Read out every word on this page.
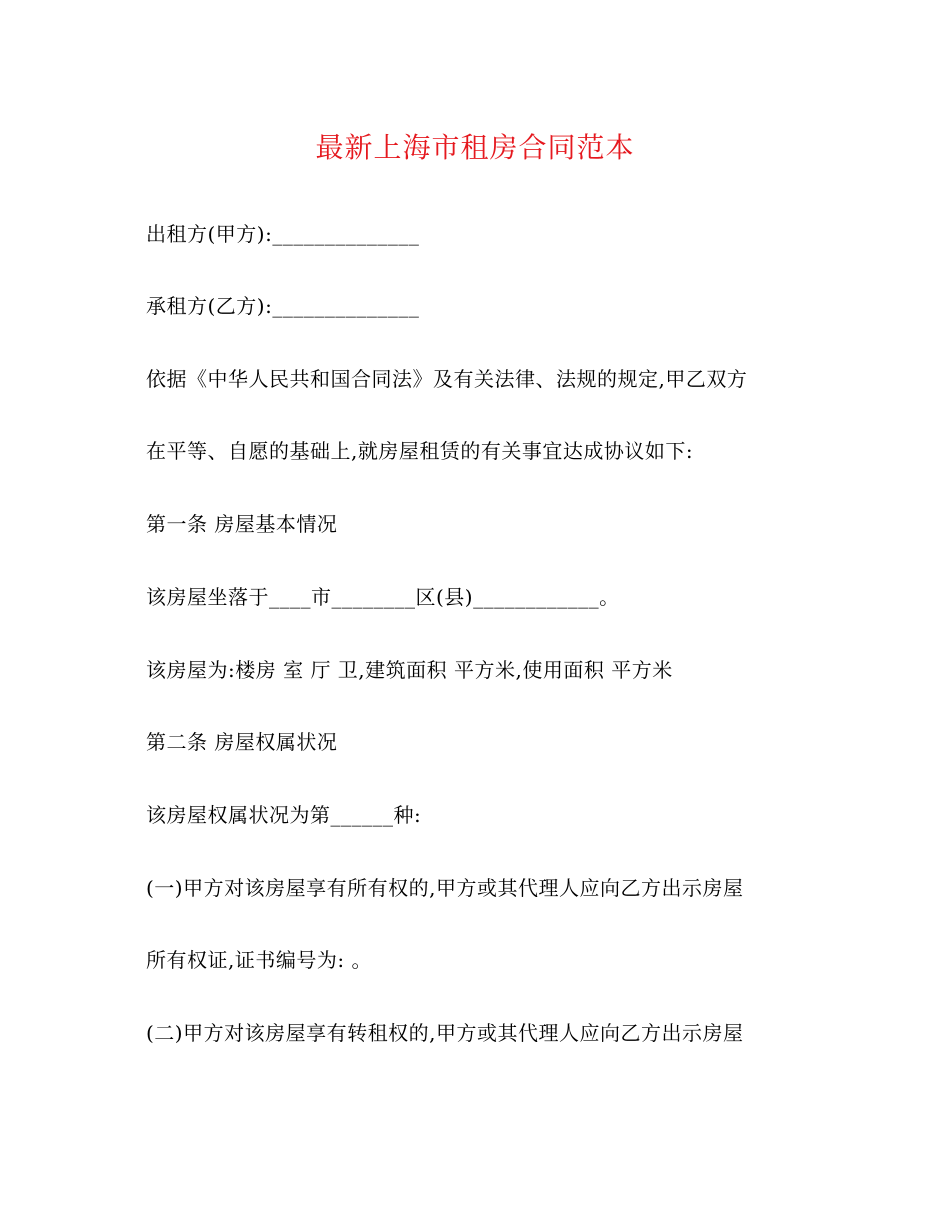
最新上海市租房合同范本
出租方(甲方):______________
承租方(乙方):______________
依据《中华人民共和国合同法》及有关法律、法规的规定,甲乙双方
在平等、自愿的基础上,就房屋租赁的有关事宜达成协议如下:
第一条 房屋基本情况
该房屋坐落于____市________区(县)____________。
该房屋为:楼房 室 厅 卫,建筑面积 平方米,使用面积 平方米
第二条 房屋权属状况
该房屋权属状况为第______种:
(一)甲方对该房屋享有所有权的,甲方或其代理人应向乙方出示房屋
所有权证,证书编号为: 。
(二)甲方对该房屋享有转租权的,甲方或其代理人应向乙方出示房屋
